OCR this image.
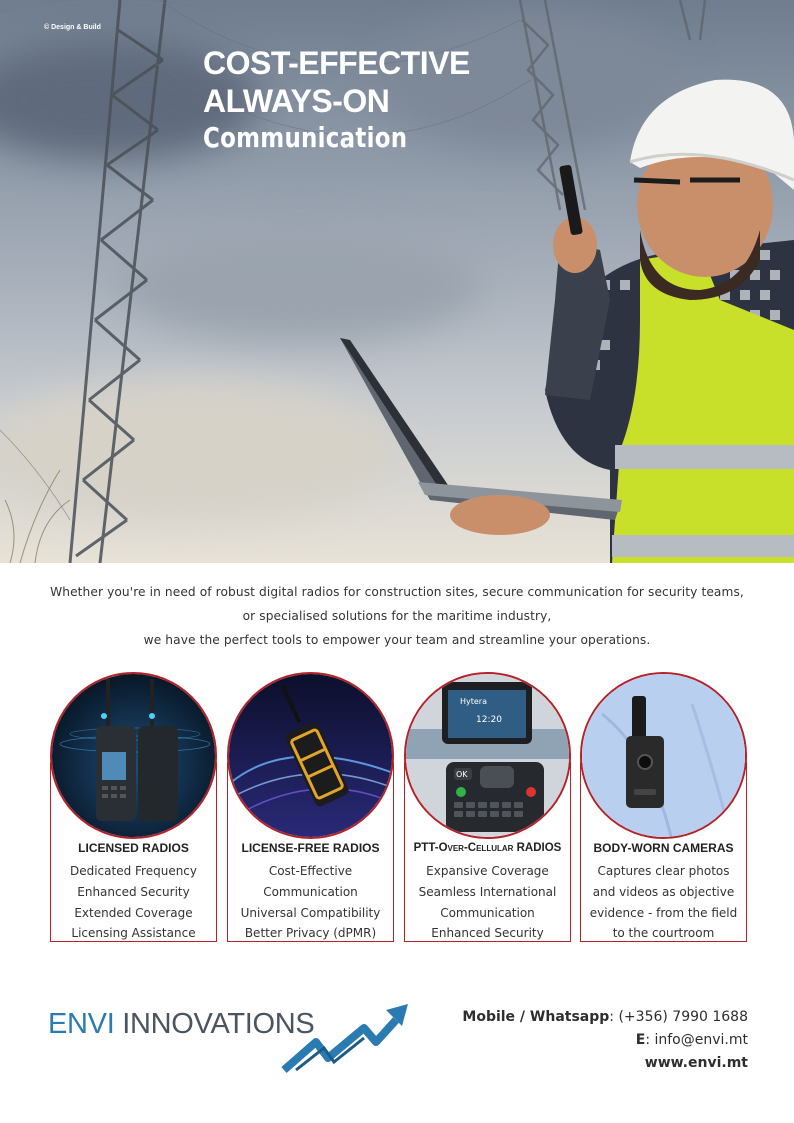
© Design & Build
COST-EFFECTIVE
ALWAYS-ON
Communication
Whether you're in need of robust digital radios for construction sites, secure communication for security teams,
or specialised solutions for the maritime industry,
we have the perfect tools to empower your team and streamline your operations.
LICENSED RADIOS
Dedicated Frequency
Enhanced Security
Extended Coverage
Licensing Assistance
LICENSE-FREE RADIOS
Cost-Effective
Communication
Universal Compatibility
Better Privacy (dPMR)
Hytera
12:20
OK
PTT-Over-Cellular RADIOS
Expansive Coverage
Seamless International
Communication
Enhanced Security
BODY-WORN CAMERAS
Captures clear photos
and videos as objective
evidence - from the field
to the courtroom
ENVI INNOVATIONS	Mobile / Whatsapp: (+356) 7990 1688
E: info@envi.mt
www.envi.mt
